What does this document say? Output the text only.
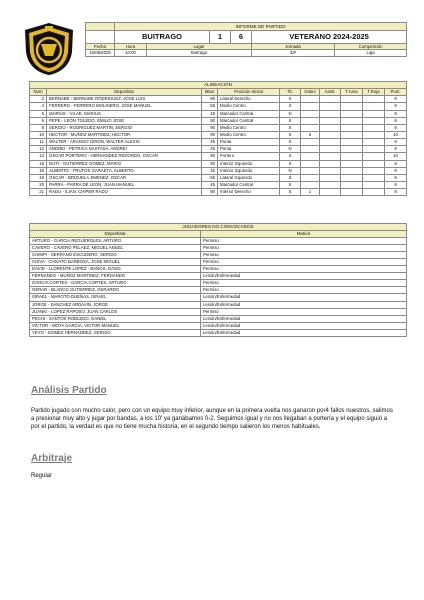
	INFORME DE PARTIDO					
	BUITRAGO		1	6	VETERANO 2024-2025	
Fecha	Hora	Lugar			Jornada	Competición
15/06/2025	10:00	Buitrago			33ª	Liga
ALINEACIÓN									
Num	Deportista	Mtos	Posición Inicial	Tit.	Goles	Asist.	T.Ama	T.Roja	Punt.
2	BERNABE - BERNABE RODRIGUEZ, JOSE LUIS	90	Lateral Derecho	S					8
4	FERRERO - FERRERO MOLINERO, JOSE MANUEL	55	Medio Centro	S					9
5	MARIUS - VILAE, MARIUS	45	Marcador Central	N					8
6	PEPE - LEÓN TOLEDO, EMILIO JOSE	90	Marcador Central	S					8
8	SERGIO - RODRIGUEZ MARTIN, SERGIO	90	Medio Centro	S					9
10	HECTOR - MUÑOZ MARTINEZ, HECTOR	90	Medio Centro	S	5				10
11	WALTER - ARANGO GIRON, WALTER ALEXIS	45	Punta	S					8
12	ANDREI - PETRICA NASTASA, ANDREI	45	Punta	N					9
13	OSCAR PORTERO - HERNANDEZ REDONDO, OSCAR	90	Portero	S					10
16	DUTI - GUTIERREZ GOMEZ, MARIO	90	Interior Izquierdo	S					8
18	ALBERTO - FRUTOS GARAETA, ALBERTO	45	Interior Izquierdo	N					8
19	OSCAR - BRIZUELA JIMENEZ, OSCAR	55	Lateral Izquierdo	S					8
20	PARRA - PARRA DE LEON, JUAN MANUEL	45	Marcador Central	S					9
21	RADU - ILIAN, CHIPER RADU	90	Interior Derecho	S	1				8
JUGADORES NO CONVOCADOS	
Deportista	Motivo
ARTURO - GARCIA REGUEROLES, ARTURO	Permiso
CAVERO - CAVERO PELAEZ, MIGUEL ANGEL	Permiso
CHIMPI - SERRANO ESCUDERO, SERGIO	Permiso
CHIVA - CHIVATO BARBOSA, JOSE MIGUEL	Permiso
DAVID - LLORENTE LOPEZ - BAÑOS, DAVID	Permiso
FERNANDO - MUÑOZ MARTINEZ, FERNANDO	Lesión/Enfermedad
GARCIA CORTES - GARCIA CORTES, ARTURO	Permiso
GERAR - BLANCO GUTIERREZ, GERARDO	Permiso
ISRAEL - MAROTO DUEÑAS, ISRAEL	Lesión/Enfermedad
JORGE - SANCHEZ ARDAVIN, JORGE	Lesión/Enfermedad
JUANKI - LOPEZ RAPOSO, JUAN CARLOS	Permiso
PECHI - SANTOS ROBLEDO, DANIEL	Lesión/Enfermedad
VICTOR - MOYA GARCIA, VICTOR MANUEL	Lesión/Enfermedad
YEYO - GOMEZ HERNANDEZ, SERGIO	Lesión/Enfermedad
Análisis Partido
Partido jugado con mucho calor, pero con un equipo muy inferior, aunque en la primera vuelta nos ganaron por4 fallos nuestros, salimos a presionar muy alto y jugar por bandas, a los 10' ya ganábamos 0-2. Seguimos igual y no nos llegaban a portería y el equipo siguió a por el partido, la verdad es que no tiene mucha historia, en el segundo tiempo salieron los menos habituales.
Arbitraje
Regular
